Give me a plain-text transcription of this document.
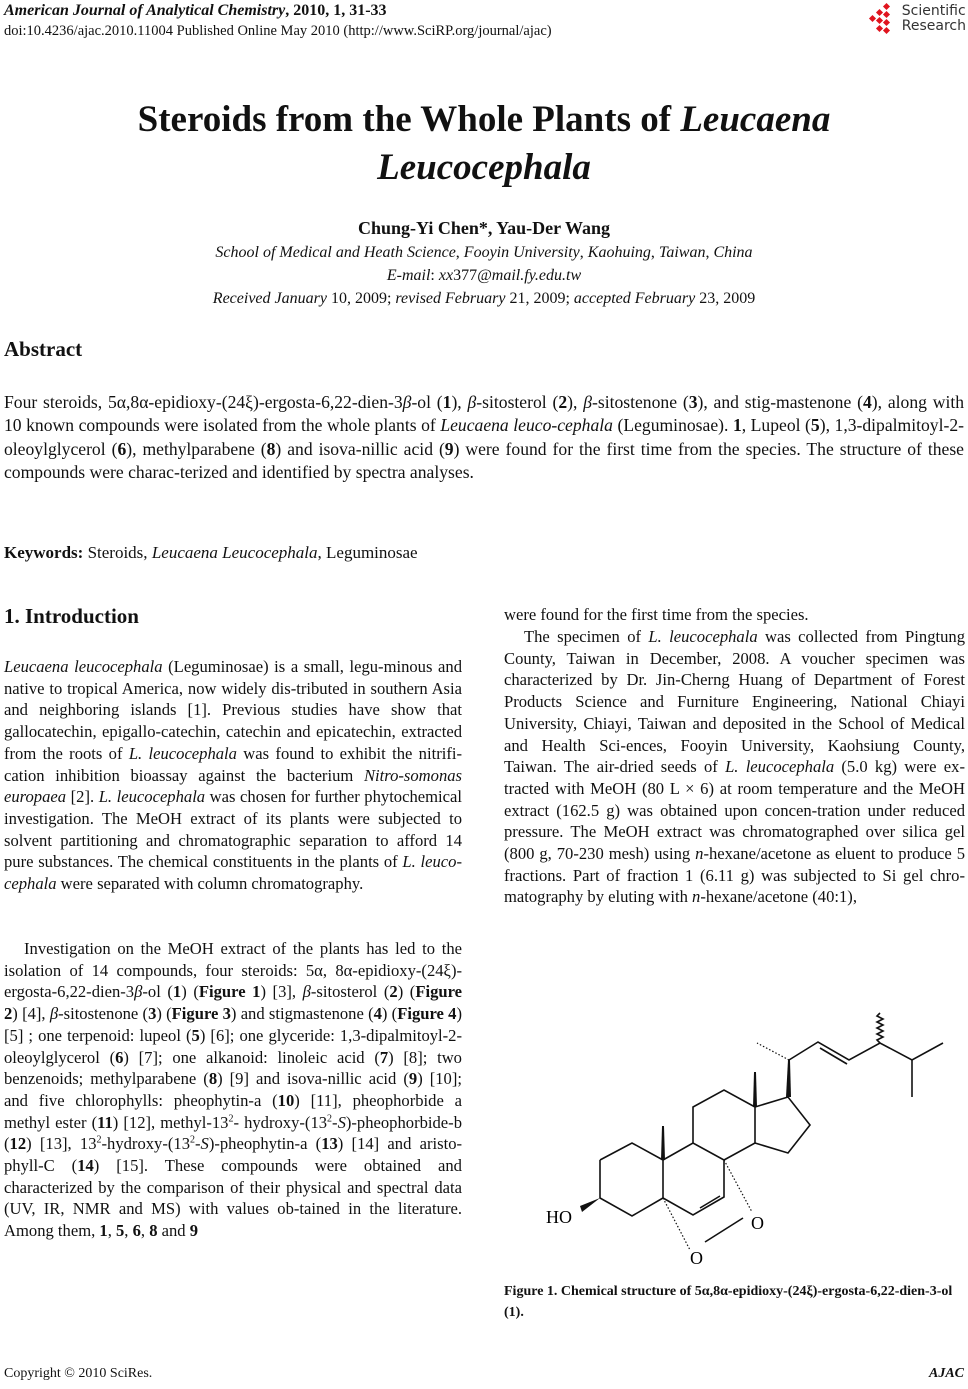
American Journal of Analytical Chemistry, 2010, 1, 31-33
doi:10.4236/ajac.2010.11004 Published Online May 2010 (http://www.SciRP.org/journal/ajac)
Scientific
Research
Steroids from the Whole Plants of Leucaena
Leucocephala
Chung-Yi Chen*, Yau-Der Wang
School of Medical and Heath Science, Fooyin University, Kaohuing, Taiwan, China
E-mail: xx377@mail.fy.edu.tw
Received January 10, 2009; revised February 21, 2009; accepted February 23, 2009
Abstract
Four steroids, 5α,8α-epidioxy-(24ξ)-ergosta-6,22-dien-3β-ol (1), β-sitosterol (2), β-sitostenone (3), and stig-mastenone (4), along with 10 known compounds were isolated from the whole plants of Leucaena leuco-cephala (Leguminosae). 1, Lupeol (5), 1,3-dipalmitoyl-2-oleoylglycerol (6), methylparabene (8) and isova-nillic acid (9) were found for the first time from the species. The structure of these compounds were charac-terized and identified by spectra analyses.
Keywords: Steroids, Leucaena Leucocephala, Leguminosae
1. Introduction
Leucaena leucocephala (Leguminosae) is a small, legu-minous and native to tropical America, now widely dis-tributed in southern Asia and neighboring islands [1]. Previous studies have show that gallocatechin, epigallo-catechin, catechin and epicatechin, extracted from the roots of L. leucocephala was found to exhibit the nitrifi-cation inhibition bioassay against the bacterium Nitro-somonas europaea [2]. L. leucocephala was chosen for further phytochemical investigation. The MeOH extract of its plants were subjected to solvent partitioning and chromatographic separation to afford 14 pure substances. The chemical constituents in the plants of L. leuco-cephala were separated with column chromatography.
Investigation on the MeOH extract of the plants has led to the isolation of 14 compounds, four steroids: 5α, 8α-epidioxy-(24ξ)-ergosta-6,22-dien-3β-ol (1) (Figure 1) [3], β-sitosterol (2) (Figure 2) [4], β-sitostenone (3) (Figure 3) and stigmastenone (4) (Figure 4) [5] ; one terpenoid: lupeol (5) [6]; one glyceride: 1,3-dipalmitoyl-2-oleoylglycerol (6) [7]; one alkanoid: linoleic acid (7) [8]; two benzenoids; methylparabene (8) [9] and isova-nillic acid (9) [10]; and five chlorophylls: pheophytin-a (10) [11], pheophorbide a methyl ester (11) [12], methyl-$13^2-$ hydroxy-$(13^2-S)-pheophorbide-b$ (12) [13], $13^2-hydroxy-(13^2-S)-pheophytin-a$ (13) [14] and aristo-phyll-C (14) [15]. These compounds were obtained and characterized by the comparison of their physical and spectral data (UV, IR, NMR and MS) with values ob-tained in the literature. Among them, 1, 5, 6, 8 and 9
were found for the first time from the species.
The specimen of L. leucocephala was collected from Pingtung County, Taiwan in December, 2008. A voucher specimen was characterized by Dr. Jin-Cherng Huang of Department of Forest Products Science and Furniture Engineering, National Chiayi University, Chiayi, Taiwan and deposited in the School of Medical and Health Sci-ences, Fooyin University, Kaohsiung County, Taiwan. The air-dried seeds of L. leucocephala (5.0 kg) were ex-tracted with MeOH (80 L × 6) at room temperature and the MeOH extract (162.5 g) was obtained upon concen-tration under reduced pressure. The MeOH extract was chromatographed over silica gel (800 g, 70-230 mesh) using n-hexane/acetone as eluent to produce 5 fractions. Part of fraction 1 (6.11 g) was subjected to Si gel chro-matography by eluting with n-hexane/acetone (40:1),
HO	O
O
Figure 1. Chemical structure of 5α,8α-epidioxy-(24ξ)-ergosta-6,22-dien-3-ol (1).
Copyright © 2010 SciRes.	AJAC
